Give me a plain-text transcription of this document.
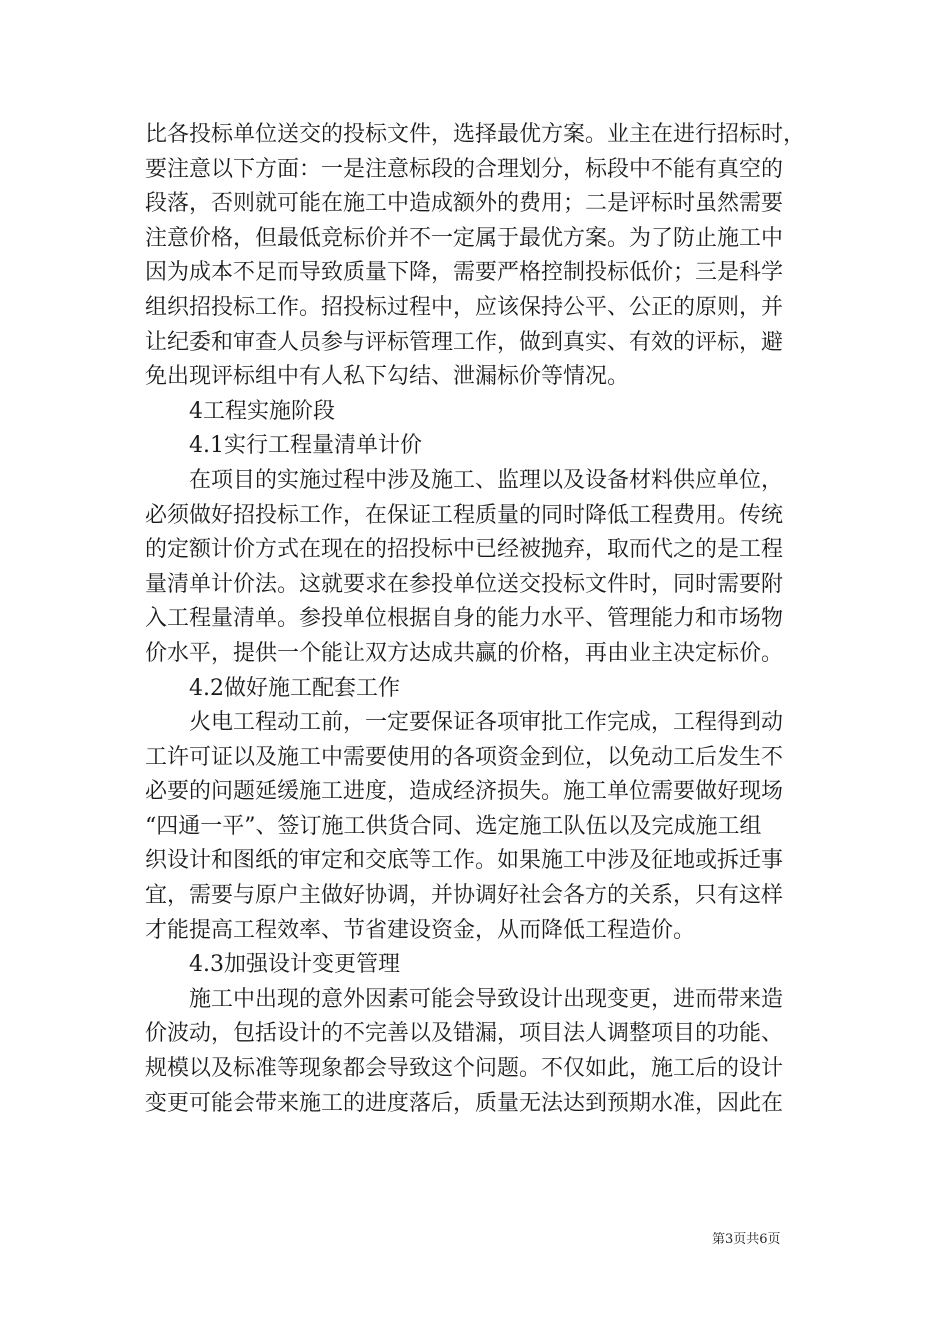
比各投标单位送交的投标文件，选择最优方案。业主在进行招标时，
要注意以下方面：一是注意标段的合理划分，标段中不能有真空的
段落，否则就可能在施工中造成额外的费用；二是评标时虽然需要
注意价格，但最低竞标价并不一定属于最优方案。为了防止施工中
因为成本不足而导致质量下降，需要严格控制投标低价；三是科学
组织招投标工作。招投标过程中，应该保持公平、公正的原则，并
让纪委和审查人员参与评标管理工作，做到真实、有效的评标，避
免出现评标组中有人私下勾结、泄漏标价等情况。
4工程实施阶段
4.1实行工程量清单计价
在项目的实施过程中涉及施工、监理以及设备材料供应单位，
必须做好招投标工作，在保证工程质量的同时降低工程费用。传统
的定额计价方式在现在的招投标中已经被抛弃，取而代之的是工程
量清单计价法。这就要求在参投单位送交投标文件时，同时需要附
入工程量清单。参投单位根据自身的能力水平、管理能力和市场物
价水平，提供一个能让双方达成共赢的价格，再由业主决定标价。
4.2做好施工配套工作
火电工程动工前，一定要保证各项审批工作完成，工程得到动
工许可证以及施工中需要使用的各项资金到位，以免动工后发生不
必要的问题延缓施工进度，造成经济损失。施工单位需要做好现场
“四通一平”、签订施工供货合同、选定施工队伍以及完成施工组
织设计和图纸的审定和交底等工作。如果施工中涉及征地或拆迁事
宜，需要与原户主做好协调，并协调好社会各方的关系，只有这样
才能提高工程效率、节省建设资金，从而降低工程造价。
4.3加强设计变更管理
施工中出现的意外因素可能会导致设计出现变更，进而带来造
价波动，包括设计的不完善以及错漏，项目法人调整项目的功能、
规模以及标准等现象都会导致这个问题。不仅如此，施工后的设计
变更可能会带来施工的进度落后，质量无法达到预期水准，因此在
第3页共6页
